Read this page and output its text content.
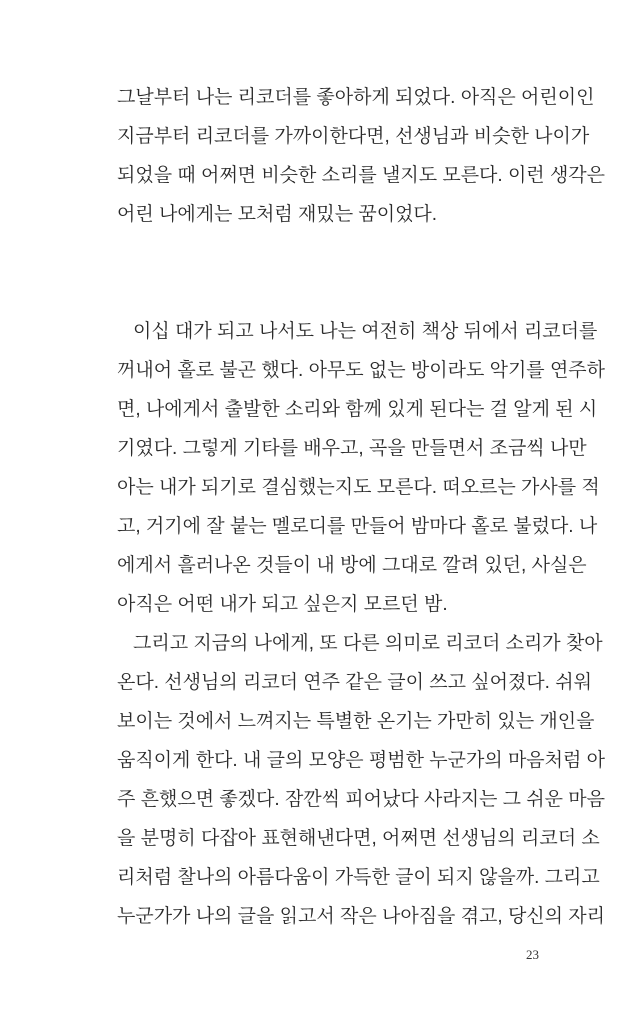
그날부터 나는 리코더를 좋아하게 되었다. 아직은 어린이인
지금부터 리코더를 가까이한다면, 선생님과 비슷한 나이가
되었을 때 어쩌면 비슷한 소리를 낼지도 모른다. 이런 생각은
어린 나에게는 모처럼 재밌는 꿈이었다.
이십 대가 되고 나서도 나는 여전히 책상 뒤에서 리코더를
꺼내어 홀로 불곤 했다. 아무도 없는 방이라도 악기를 연주하
면, 나에게서 출발한 소리와 함께 있게 된다는 걸 알게 된 시
기였다. 그렇게 기타를 배우고, 곡을 만들면서 조금씩 나만
아는 내가 되기로 결심했는지도 모른다. 떠오르는 가사를 적
고, 거기에 잘 붙는 멜로디를 만들어 밤마다 홀로 불렀다. 나
에게서 흘러나온 것들이 내 방에 그대로 깔려 있던, 사실은
아직은 어떤 내가 되고 싶은지 모르던 밤.
그리고 지금의 나에게, 또 다른 의미로 리코더 소리가 찾아
온다. 선생님의 리코더 연주 같은 글이 쓰고 싶어졌다. 쉬워
보이는 것에서 느껴지는 특별한 온기는 가만히 있는 개인을
움직이게 한다. 내 글의 모양은 평범한 누군가의 마음처럼 아
주 흔했으면 좋겠다. 잠깐씩 피어났다 사라지는 그 쉬운 마음
을 분명히 다잡아 표현해낸다면, 어쩌면 선생님의 리코더 소
리처럼 찰나의 아름다움이 가득한 글이 되지 않을까. 그리고
누군가가 나의 글을 읽고서 작은 나아짐을 겪고, 당신의 자리
23
